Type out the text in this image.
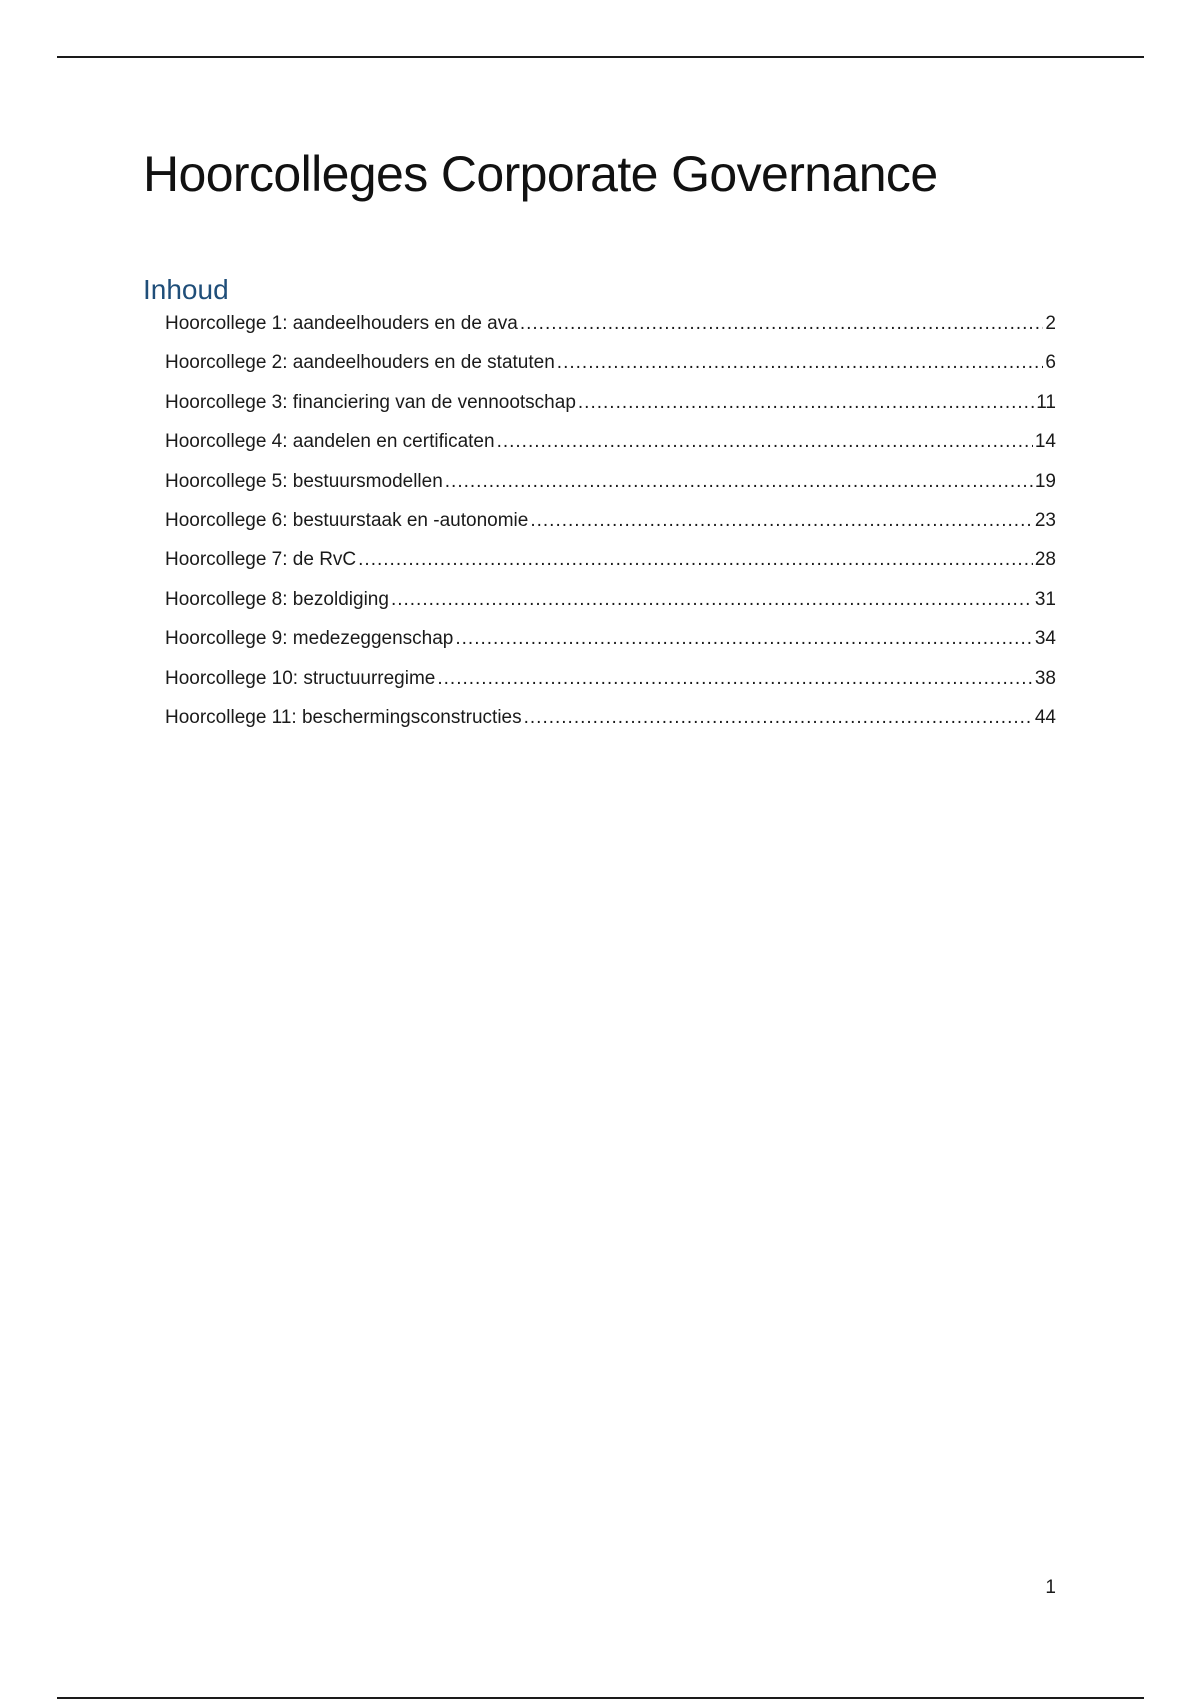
Hoorcolleges Corporate Governance
Inhoud
Hoorcollege 1: aandeelhouders en de ava .....	2
Hoorcollege 2: aandeelhouders en de statuten .....	6
Hoorcollege 3: financiering van de vennootschap .....	11
Hoorcollege 4: aandelen en certificaten .....	14
Hoorcollege 5: bestuursmodellen .....	19
Hoorcollege 6: bestuurstaak en -autonomie .....	23
Hoorcollege 7: de RvC .....	28
Hoorcollege 8: bezoldiging .....	31
Hoorcollege 9: medezeggenschap .....	34
Hoorcollege 10: structuurregime .....	38
Hoorcollege 11: beschermingsconstructies .....	44
1
